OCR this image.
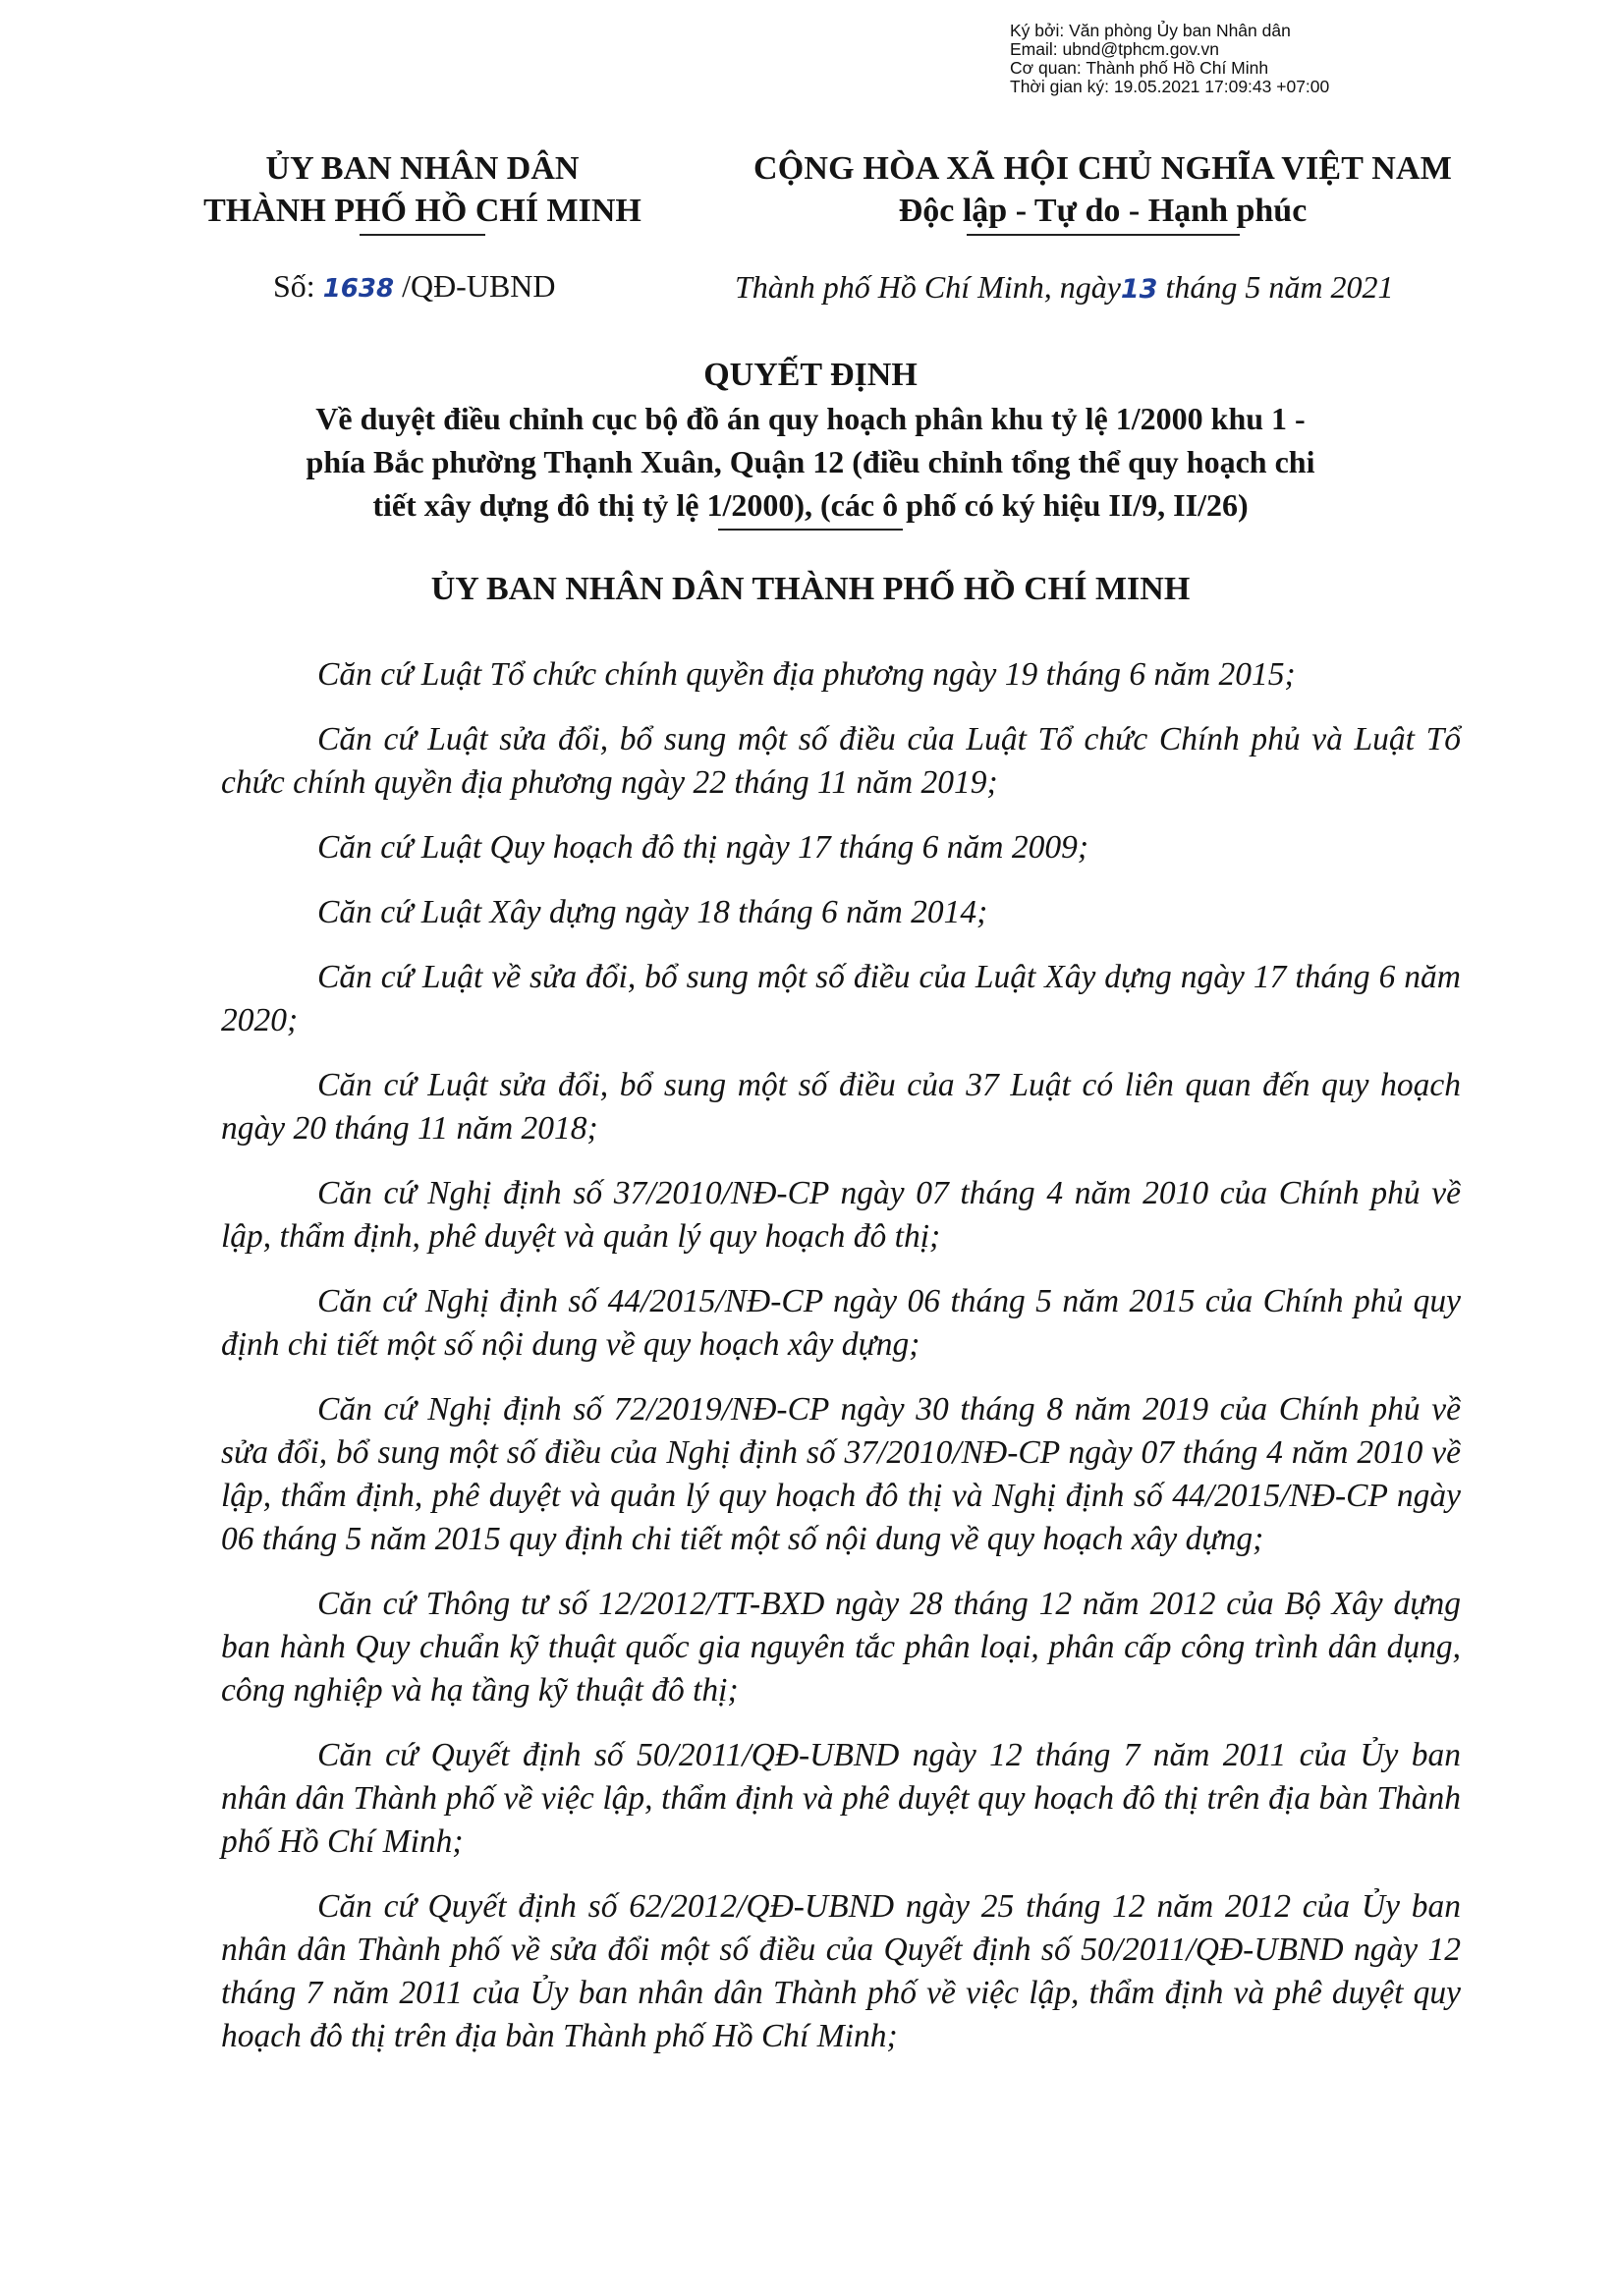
Ký bởi: Văn phòng Ủy ban Nhân dân
Email: ubnd@tphcm.gov.vn
Cơ quan: Thành phố Hồ Chí Minh
Thời gian ký: 19.05.2021 17:09:43 +07:00
ỦY BAN NHÂN DÂN
THÀNH PHỐ HỒ CHÍ MINH
CỘNG HÒA XÃ HỘI CHỦ NGHĨA VIỆT NAM
Độc lập - Tự do - Hạnh phúc
Số: 1638 /QĐ-UBND	Thành phố Hồ Chí Minh, ngày13 tháng 5 năm 2021
QUYẾT ĐỊNH
Về duyệt điều chỉnh cục bộ đồ án quy hoạch phân khu tỷ lệ 1/2000 khu 1 -
phía Bắc phường Thạnh Xuân, Quận 12 (điều chỉnh tổng thể quy hoạch chi
tiết xây dựng đô thị tỷ lệ 1/2000), (các ô phố có ký hiệu II/9, II/26)
ỦY BAN NHÂN DÂN THÀNH PHỐ HỒ CHÍ MINH

Căn cứ Luật Tổ chức chính quyền địa phương ngày 19 tháng 6 năm 2015;

Căn cứ Luật sửa đổi, bổ sung một số điều của Luật Tổ chức Chính phủ và Luật Tổ chức chính quyền địa phương ngày 22 tháng 11 năm 2019;

Căn cứ Luật Quy hoạch đô thị ngày 17 tháng 6 năm 2009;

Căn cứ Luật Xây dựng ngày 18 tháng 6 năm 2014;

Căn cứ Luật về sửa đổi, bổ sung một số điều của Luật Xây dựng ngày 17 tháng 6 năm 2020;

Căn cứ Luật sửa đổi, bổ sung một số điều của 37 Luật có liên quan đến quy hoạch ngày 20 tháng 11 năm 2018;

Căn cứ Nghị định số 37/2010/NĐ-CP ngày 07 tháng 4 năm 2010 của Chính phủ về lập, thẩm định, phê duyệt và quản lý quy hoạch đô thị;

Căn cứ Nghị định số 44/2015/NĐ-CP ngày 06 tháng 5 năm 2015 của Chính phủ quy định chi tiết một số nội dung về quy hoạch xây dựng;

Căn cứ Nghị định số 72/2019/NĐ-CP ngày 30 tháng 8 năm 2019 của Chính phủ về sửa đổi, bổ sung một số điều của Nghị định số 37/2010/NĐ-CP ngày 07 tháng 4 năm 2010 về lập, thẩm định, phê duyệt và quản lý quy hoạch đô thị và Nghị định số 44/2015/NĐ-CP ngày 06 tháng 5 năm 2015 quy định chi tiết một số nội dung về quy hoạch xây dựng;

Căn cứ Thông tư số 12/2012/TT-BXD ngày 28 tháng 12 năm 2012 của Bộ Xây dựng ban hành Quy chuẩn kỹ thuật quốc gia nguyên tắc phân loại, phân cấp công trình dân dụng, công nghiệp và hạ tầng kỹ thuật đô thị;

Căn cứ Quyết định số 50/2011/QĐ-UBND ngày 12 tháng 7 năm 2011 của Ủy ban nhân dân Thành phố về việc lập, thẩm định và phê duyệt quy hoạch đô thị trên địa bàn Thành phố Hồ Chí Minh;

Căn cứ Quyết định số 62/2012/QĐ-UBND ngày 25 tháng 12 năm 2012 của Ủy ban nhân dân Thành phố về sửa đổi một số điều của Quyết định số 50/2011/QĐ-UBND ngày 12 tháng 7 năm 2011 của Ủy ban nhân dân Thành phố về việc lập, thẩm định và phê duyệt quy hoạch đô thị trên địa bàn Thành phố Hồ Chí Minh;
